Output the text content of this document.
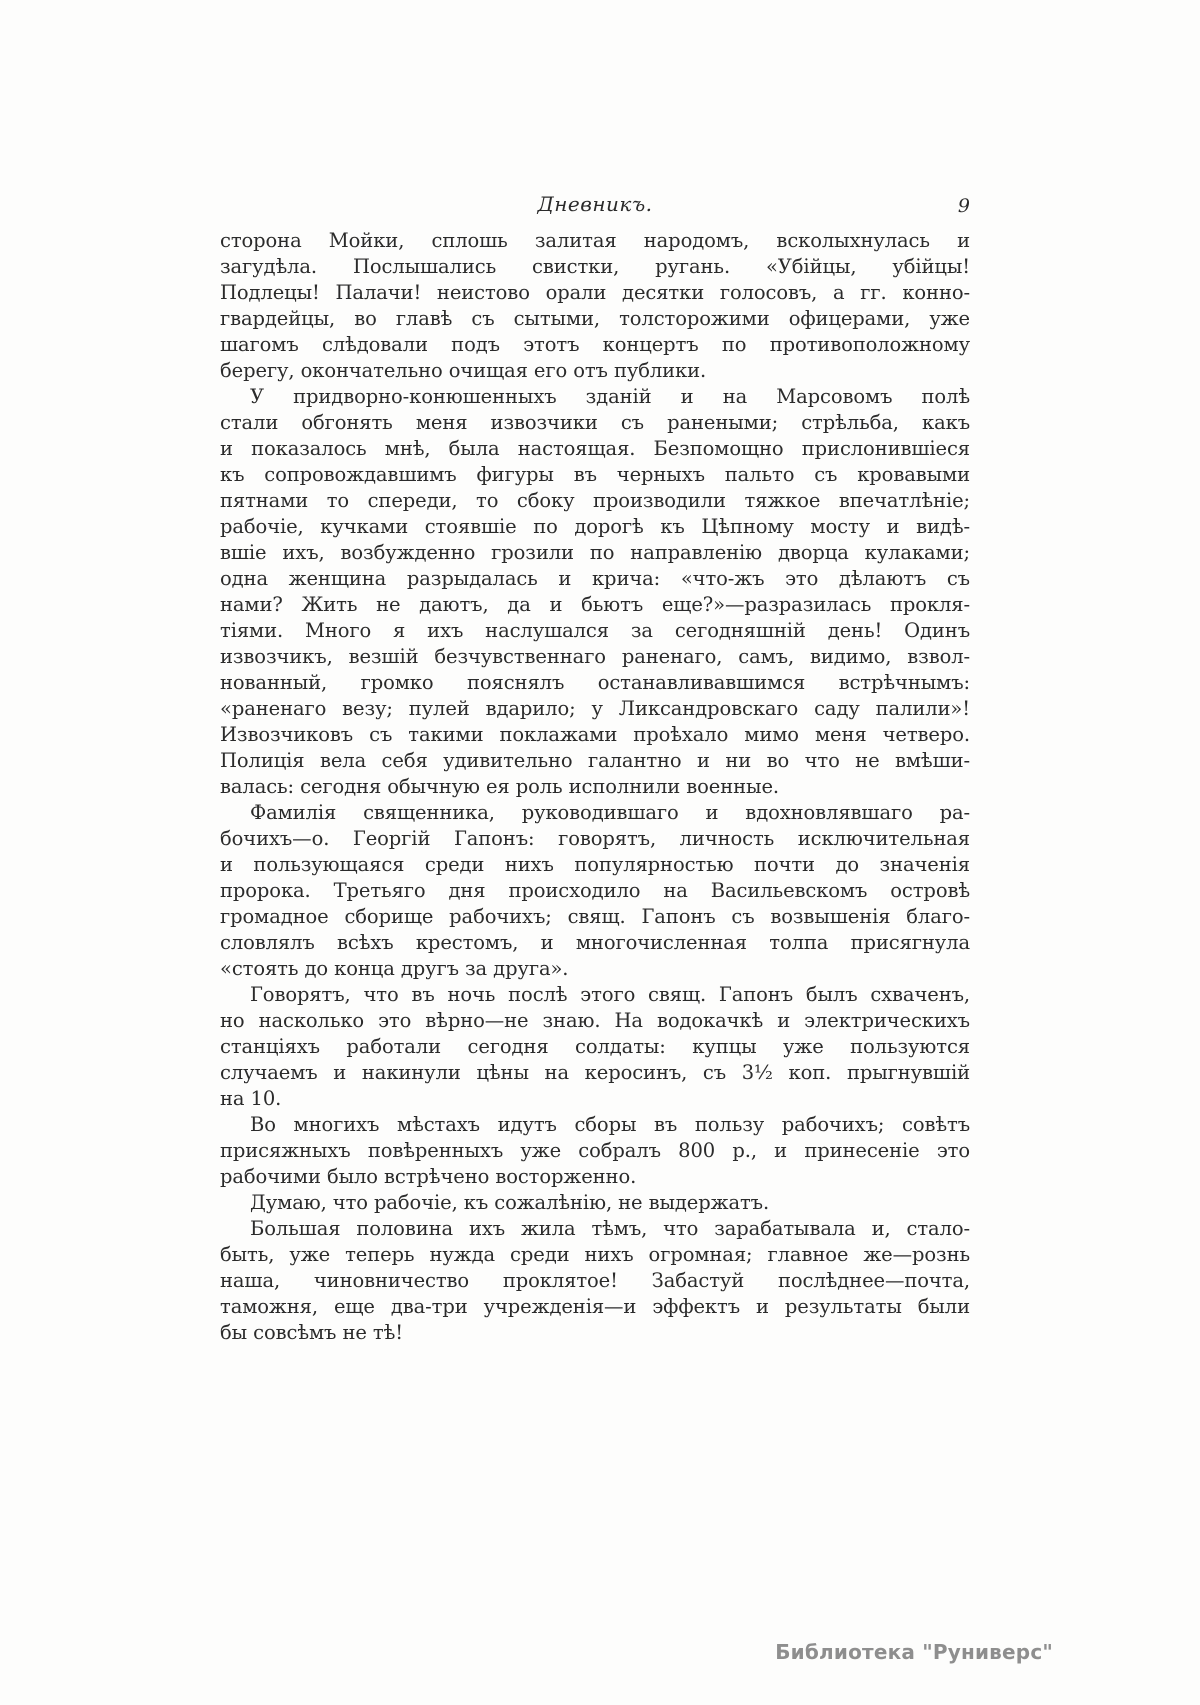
Дневникъ.	9
сторона Мойки, сплошь залитая народомъ, всколыхнулась и
загудѣла. Послышались свистки, ругань. «Убійцы, убійцы!
Подлецы! Палачи! неистово орали десятки голосовъ, а гг. конно-
гвардейцы, во главѣ съ сытыми, толсторожими офицерами, уже
шагомъ слѣдовали подъ этотъ концертъ по противоположному
берегу, окончательно очищая его отъ публики.
У придворно-конюшенныхъ зданій и на Марсовомъ полѣ
стали обгонять меня извозчики съ ранеными; стрѣльба, какъ
и показалось мнѣ, была настоящая. Безпомощно прислонившіеся
къ сопровождавшимъ фигуры въ черныхъ пальто съ кровавыми
пятнами то спереди, то сбоку производили тяжкое впечатлѣніе;
рабочіе, кучками стоявшіе по дорогѣ къ Цѣпному мосту и видѣ-
вшіе ихъ, возбужденно грозили по направленію дворца кулаками;
одна женщина разрыдалась и крича: «что-жъ это дѣлаютъ съ
нами? Жить не даютъ, да и бьютъ еще?»—разразилась прокля-
тіями. Много я ихъ наслушался за сегодняшній день! Одинъ
извозчикъ, везшій безчувственнаго раненаго, самъ, видимо, взвол-
нованный, громко пояснялъ останавливавшимся встрѣчнымъ:
«раненаго везу; пулей вдарило; у Ликсандровскаго саду палили»!
Извозчиковъ съ такими поклажами проѣхало мимо меня четверо.
Полиція вела себя удивительно галантно и ни во что не вмѣши-
валась: сегодня обычную ея роль исполнили военные.
Фамилія священника, руководившаго и вдохновлявшаго ра-
бочихъ—о. Георгій Гапонъ: говорятъ, личность исключительная
и пользующаяся среди нихъ популярностью почти до значенія
пророка. Третьяго дня происходило на Васильевскомъ островѣ
громадное сборище рабочихъ; свящ. Гапонъ съ возвышенія благо-
словлялъ всѣхъ крестомъ, и многочисленная толпа присягнула
«стоять до конца другъ за друга».
Говорятъ, что въ ночь послѣ этого свящ. Гапонъ былъ схваченъ,
но насколько это вѣрно—не знаю. На водокачкѣ и электрическихъ
станціяхъ работали сегодня солдаты: купцы уже пользуются
случаемъ и накинули цѣны на керосинъ, съ 3½ коп. прыгнувшій
на 10.
Во многихъ мѣстахъ идутъ сборы въ пользу рабочихъ; совѣтъ
присяжныхъ повѣренныхъ уже собралъ 800 р., и принесеніе это
рабочими было встрѣчено восторженно.
Думаю, что рабочіе, къ сожалѣнію, не выдержатъ.
Большая половина ихъ жила тѣмъ, что зарабатывала и, стало-
быть, уже теперь нужда среди нихъ огромная; главное же—рознь
наша, чиновничество проклятое! Забастуй послѣднее—почта,
таможня, еще два-три учрежденія—и эффектъ и результаты были
бы совсѣмъ не тѣ!
Библиотека "Руниверс"
